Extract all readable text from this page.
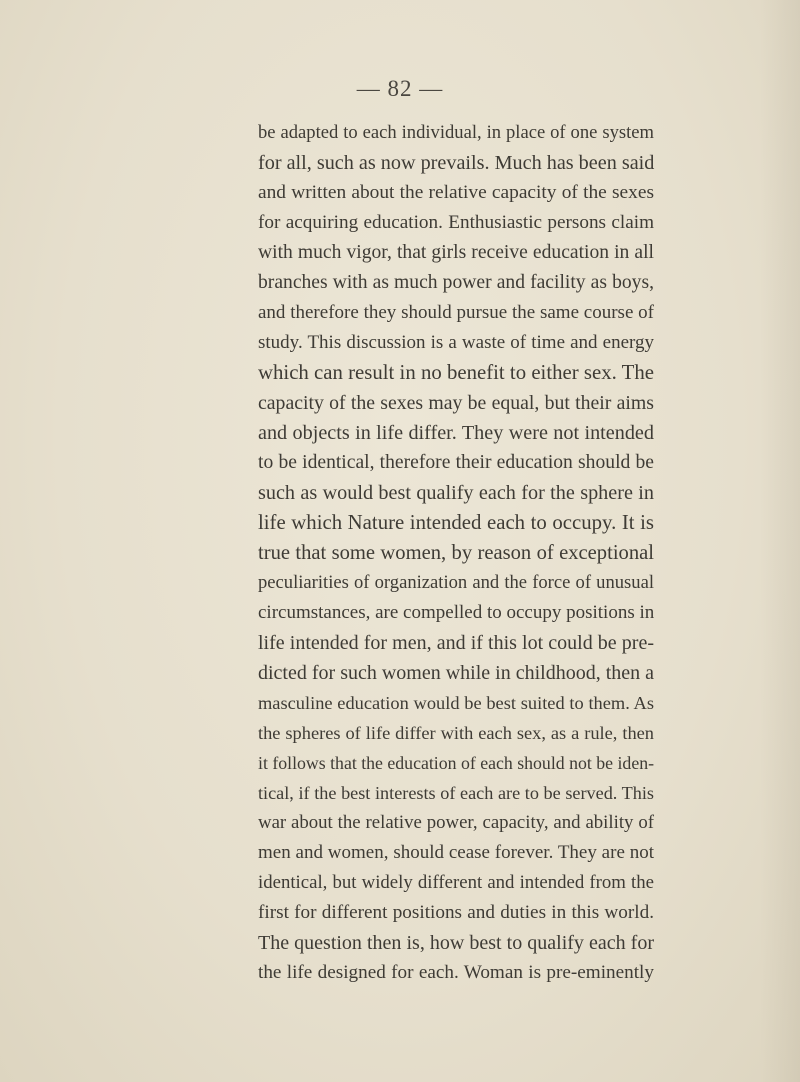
— 82 —
be adapted to each individual, in place of one system
for all, such as now prevails. Much has been said
and written about the relative capacity of the sexes
for acquiring education. Enthusiastic persons claim
with much vigor, that girls receive education in all
branches with as much power and facility as boys,
and therefore they should pursue the same course of
study. This discussion is a waste of time and energy
which can result in no benefit to either sex. The
capacity of the sexes may be equal, but their aims
and objects in life differ. They were not intended
to be identical, therefore their education should be
such as would best qualify each for the sphere in
life which Nature intended each to occupy. It is
true that some women, by reason of exceptional
peculiarities of organization and the force of unusual
circumstances, are compelled to occupy positions in
life intended for men, and if this lot could be pre-
dicted for such women while in childhood, then a
masculine education would be best suited to them. As
the spheres of life differ with each sex, as a rule, then
it follows that the education of each should not be iden-
tical, if the best interests of each are to be served. This
war about the relative power, capacity, and ability of
men and women, should cease forever. They are not
identical, but widely different and intended from the
first for different positions and duties in this world.
The question then is, how best to qualify each for
the life designed for each. Woman is pre-eminently
